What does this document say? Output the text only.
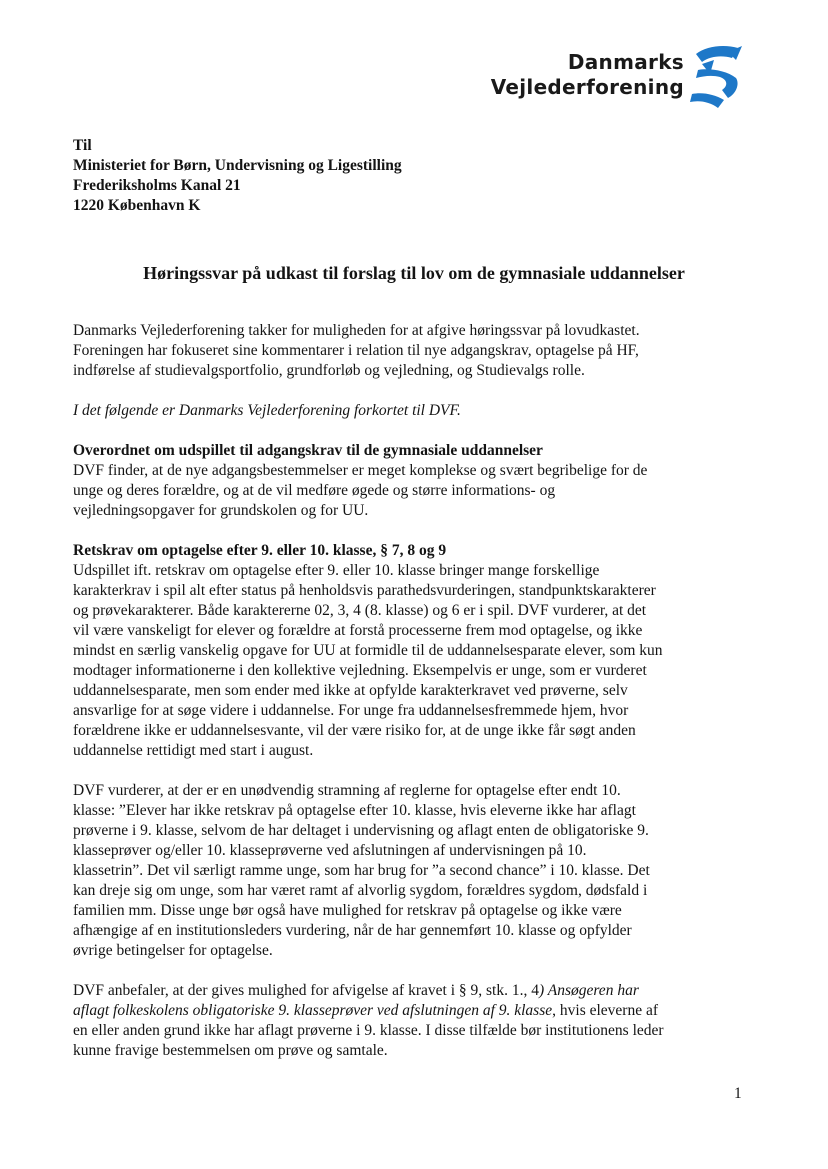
Danmarks
Vejlederforening
Til
Ministeriet for Børn, Undervisning og Ligestilling
Frederiksholms Kanal 21
1220 København K
Høringssvar på udkast til forslag til lov om de gymnasiale uddannelser

Danmarks Vejlederforening takker for muligheden for at afgive høringssvar på lovudkastet.
Foreningen har fokuseret sine kommentarer i relation til nye adgangskrav, optagelse på HF,
indførelse af studievalgsportfolio, grundforløb og vejledning, og Studievalgs rolle.

I det følgende er Danmarks Vejlederforening forkortet til DVF.

Overordnet om udspillet til adgangskrav til de gymnasiale uddannelser

DVF finder, at de nye adgangsbestemmelser er meget komplekse og svært begribelige for de
unge og deres forældre, og at de vil medføre øgede og større informations- og
vejledningsopgaver for grundskolen og for UU.

Retskrav om optagelse efter 9. eller 10. klasse, § 7, 8 og 9

Udspillet ift. retskrav om optagelse efter 9. eller 10. klasse bringer mange forskellige
karakterkrav i spil alt efter status på henholdsvis parathedsvurderingen, standpunktskarakterer
og prøvekarakterer. Både karaktererne 02, 3, 4 (8. klasse) og 6 er i spil. DVF vurderer, at det
vil være vanskeligt for elever og forældre at forstå processerne frem mod optagelse, og ikke
mindst en særlig vanskelig opgave for UU at formidle til de uddannelsesparate elever, som kun
modtager informationerne i den kollektive vejledning. Eksempelvis er unge, som er vurderet
uddannelsesparate, men som ender med ikke at opfylde karakterkravet ved prøverne, selv
ansvarlige for at søge videre i uddannelse. For unge fra uddannelsesfremmede hjem, hvor
forældrene ikke er uddannelsesvante, vil der være risiko for, at de unge ikke får søgt anden
uddannelse rettidigt med start i august.

DVF vurderer, at der er en unødvendig stramning af reglerne for optagelse efter endt 10.
klasse: ”Elever har ikke retskrav på optagelse efter 10. klasse, hvis eleverne ikke har aflagt
prøverne i 9. klasse, selvom de har deltaget i undervisning og aflagt enten de obligatoriske 9.
klasseprøver og/eller 10. klasseprøverne ved afslutningen af undervisningen på 10.
klassetrin”. Det vil særligt ramme unge, som har brug for ”a second chance” i 10. klasse. Det
kan dreje sig om unge, som har været ramt af alvorlig sygdom, forældres sygdom, dødsfald i
familien mm. Disse unge bør også have mulighed for retskrav på optagelse og ikke være
afhængige af en institutionsleders vurdering, når de har gennemført 10. klasse og opfylder
øvrige betingelser for optagelse.

DVF anbefaler, at der gives mulighed for afvigelse af kravet i § 9, stk. 1., 4) Ansøgeren har
aflagt folkeskolens obligatoriske 9. klasseprøver ved afslutningen af 9. klasse, hvis eleverne af
en eller anden grund ikke har aflagt prøverne i 9. klasse. I disse tilfælde bør institutionens leder
kunne fravige bestemmelsen om prøve og samtale.

1
